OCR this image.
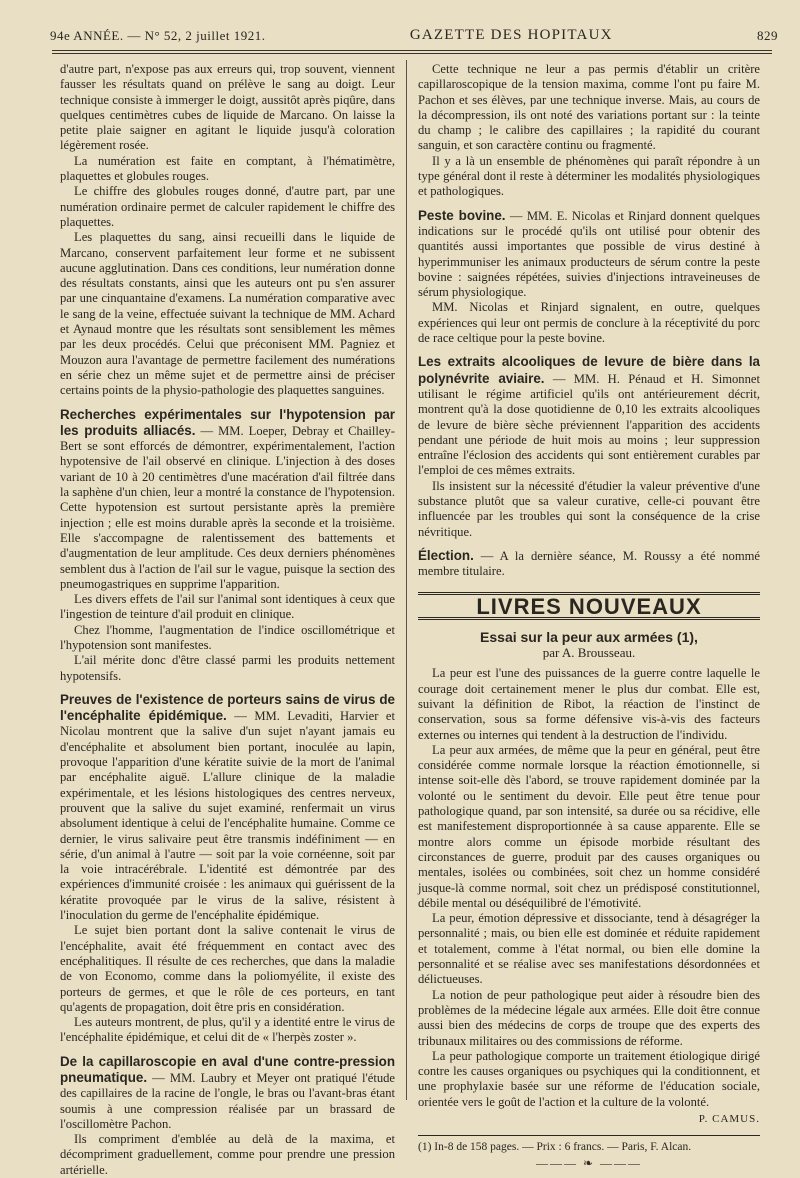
94e ANNÉE. — N° 52, 2 juillet 1921.	GAZETTE DES HOPITAUX	829

d'autre part, n'expose pas aux erreurs qui, trop souvent, viennent fausser les résultats quand on prélève le sang au doigt. Leur technique consiste à immerger le doigt, aussitôt après piqûre, dans quelques centimètres cubes de liquide de Marcano. On laisse la petite plaie saigner en agitant le liquide jusqu'à coloration légèrement rosée.

La numération est faite en comptant, à l'hématimètre, plaquettes et globules rouges.

Le chiffre des globules rouges donné, d'autre part, par une numération ordinaire permet de calculer rapidement le chiffre des plaquettes.

Les plaquettes du sang, ainsi recueilli dans le liquide de Marcano, conservent parfaitement leur forme et ne subissent aucune agglutination. Dans ces conditions, leur numération donne des résultats constants, ainsi que les auteurs ont pu s'en assurer par une cinquantaine d'examens. La numération comparative avec le sang de la veine, effectuée suivant la technique de MM. Achard et Aynaud montre que les résultats sont sensiblement les mêmes par les deux procédés. Celui que préconisent MM. Pagniez et Mouzon aura l'avantage de permettre facilement des numérations en série chez un même sujet et de permettre ainsi de préciser certains points de la physio-pathologie des plaquettes sanguines.

Recherches expérimentales sur l'hypotension par les produits alliacés. — MM. Loeper, Debray et Chailley-Bert se sont efforcés de démontrer, expérimentalement, l'action hypotensive de l'ail observé en clinique. L'injection à des doses variant de 10 à 20 centimètres d'une macération d'ail filtrée dans la saphène d'un chien, leur a montré la constance de l'hypotension. Cette hypotension est surtout persistante après la première injection ; elle est moins durable après la seconde et la troisième. Elle s'accompagne de ralentissement des battements et d'augmentation de leur amplitude. Ces deux derniers phénomènes semblent dus à l'action de l'ail sur le vague, puisque la section des pneumogastriques en supprime l'apparition.

Les divers effets de l'ail sur l'animal sont identiques à ceux que l'ingestion de teinture d'ail produit en clinique.

Chez l'homme, l'augmentation de l'indice oscillométrique et l'hypotension sont manifestes.

L'ail mérite donc d'être classé parmi les produits nettement hypotensifs.

Preuves de l'existence de porteurs sains de virus de l'encéphalite épidémique. — MM. Levaditi, Harvier et Nicolau montrent que la salive d'un sujet n'ayant jamais eu d'encéphalite et absolument bien portant, inoculée au lapin, provoque l'apparition d'une kératite suivie de la mort de l'animal par encéphalite aiguë. L'allure clinique de la maladie expérimentale, et les lésions histologiques des centres nerveux, prouvent que la salive du sujet examiné, renfermait un virus absolument identique à celui de l'encéphalite humaine. Comme ce dernier, le virus salivaire peut être transmis indéfiniment — en série, d'un animal à l'autre — soit par la voie cornéenne, soit par la voie intracérébrale. L'identité est démontrée par des expériences d'immunité croisée : les animaux qui guérissent de la kératite provoquée par le virus de la salive, résistent à l'inoculation du germe de l'encéphalite épidémique.

Le sujet bien portant dont la salive contenait le virus de l'encéphalite, avait été fréquemment en contact avec des encéphalitiques. Il résulte de ces recherches, que dans la maladie de von Economo, comme dans la poliomyélite, il existe des porteurs de germes, et que le rôle de ces porteurs, en tant qu'agents de propagation, doit être pris en considération.

Les auteurs montrent, de plus, qu'il y a identité entre le virus de l'encéphalite épidémique, et celui dit de « l'herpès zoster ».

De la capillaroscopie en aval d'une contre-pression pneumatique. — MM. Laubry et Meyer ont pratiqué l'étude des capillaires de la racine de l'ongle, le bras ou l'avant-bras étant soumis à une compression réalisée par un brassard de l'oscillomètre Pachon.

Ils compriment d'emblée au delà de la maxima, et décompriment graduellement, comme pour prendre une pression artérielle.

Cette technique ne leur a pas permis d'établir un critère capillaroscopique de la tension maxima, comme l'ont pu faire M. Pachon et ses élèves, par une technique inverse. Mais, au cours de la décompression, ils ont noté des variations portant sur : la teinte du champ ; le calibre des capillaires ; la rapidité du courant sanguin, et son caractère continu ou fragmenté.

Il y a là un ensemble de phénomènes qui paraît répondre à un type général dont il reste à déterminer les modalités physiologiques et pathologiques.

Peste bovine. — MM. E. Nicolas et Rinjard donnent quelques indications sur le procédé qu'ils ont utilisé pour obtenir des quantités aussi importantes que possible de virus destiné à hyperimmuniser les animaux producteurs de sérum contre la peste bovine : saignées répétées, suivies d'injections intraveineuses de sérum physiologique.

MM. Nicolas et Rinjard signalent, en outre, quelques expériences qui leur ont permis de conclure à la réceptivité du porc de race celtique pour la peste bovine.

Les extraits alcooliques de levure de bière dans la polynévrite aviaire. — MM. H. Pénaud et H. Simonnet utilisant le régime artificiel qu'ils ont antérieurement décrit, montrent qu'à la dose quotidienne de 0,10 les extraits alcooliques de levure de bière sèche préviennent l'apparition des accidents pendant une période de huit mois au moins ; leur suppression entraîne l'éclosion des accidents qui sont entièrement curables par l'emploi de ces mêmes extraits.

Ils insistent sur la nécessité d'étudier la valeur préventive d'une substance plutôt que sa valeur curative, celle-ci pouvant être influencée par les troubles qui sont la conséquence de la crise névritique.

Élection. — A la dernière séance, M. Roussy a été nommé membre titulaire.

LIVRES NOUVEAUX
Essai sur la peur aux armées (1),
par A. Brousseau.

La peur est l'une des puissances de la guerre contre laquelle le courage doit certainement mener le plus dur combat. Elle est, suivant la définition de Ribot, la réaction de l'instinct de conservation, sous sa forme défensive vis-à-vis des facteurs externes ou internes qui tendent à la destruction de l'individu.

La peur aux armées, de même que la peur en général, peut être considérée comme normale lorsque la réaction émotionnelle, si intense soit-elle dès l'abord, se trouve rapidement dominée par la volonté ou le sentiment du devoir. Elle peut être tenue pour pathologique quand, par son intensité, sa durée ou sa récidive, elle est manifestement disproportionnée à sa cause apparente. Elle se montre alors comme un épisode morbide résultant des circonstances de guerre, produit par des causes organiques ou mentales, isolées ou combinées, soit chez un homme considéré jusque-là comme normal, soit chez un prédisposé constitutionnel, débile mental ou déséquilibré de l'émotivité.

La peur, émotion dépressive et dissociante, tend à désagréger la personnalité ; mais, ou bien elle est dominée et réduite rapidement et totalement, comme à l'état normal, ou bien elle domine la personnalité et se réalise avec ses manifestations désordonnées et délictueuses.

La notion de peur pathologique peut aider à résoudre bien des problèmes de la médecine légale aux armées. Elle doit être connue aussi bien des médecins de corps de troupe que des experts des tribunaux militaires ou des commissions de réforme.

La peur pathologique comporte un traitement étiologique dirigé contre les causes organiques ou psychiques qui la conditionnent, et une prophylaxie basée sur une réforme de l'éducation sociale, orientée vers le goût de l'action et la culture de la volonté.

P. CAMUS.
(1) In-8 de 158 pages. — Prix : 6 francs. — Paris, F. Alcan.
——— ❧ ———
